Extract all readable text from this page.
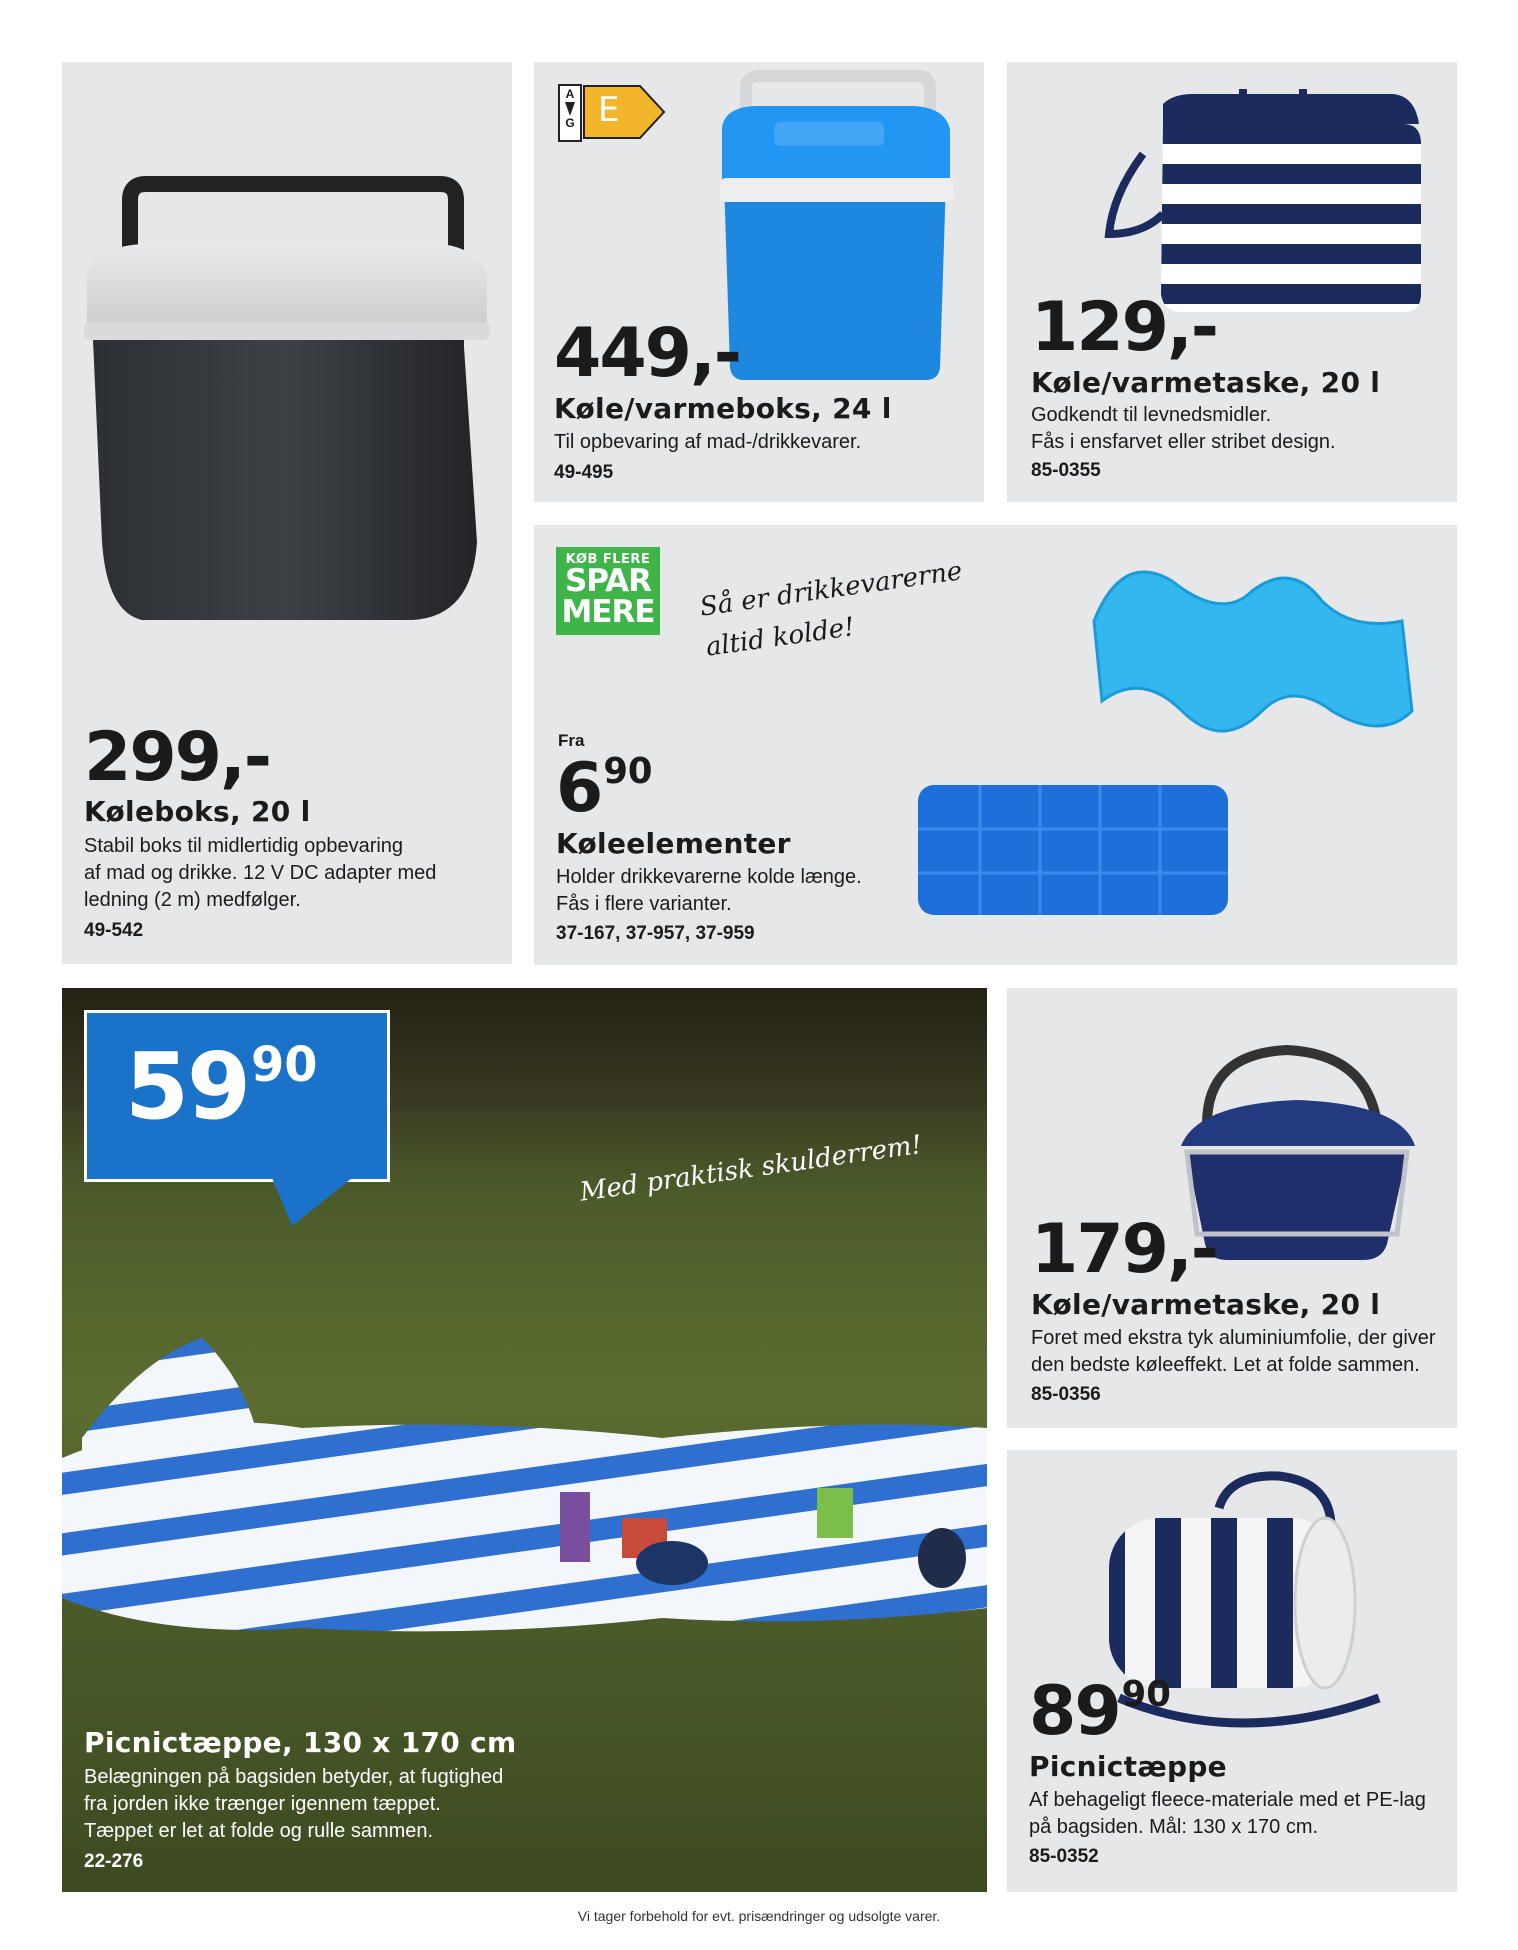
299,-
Køleboks, 20 l
Stabil boks til midlertidig opbevaring
af mad og drikke. 12 V DC adapter med
ledning (2 m) medfølger.
49-542
A
G E
449,-
Køle/varmeboks, 24 l
Til opbevaring af mad-/drikkevarer.
49-495
129,-
Køle/varmetaske, 20 l
Godkendt til levnedsmidler.
Fås i ensfarvet eller stribet design.
85-0355
KØB FLERE
SPAR
MERE Så er drikkevarerne
altid kolde!
Fra
$6^{90}$
Køleelementer
Holder drikkevarerne kolde længe.
Fås i flere varianter.
37-167, 37-957, 37-959
$59^{90}$
Med praktisk skulderrem!
Picnictæppe, 130 x 170 cm
Belægningen på bagsiden betyder, at fugtighed
fra jorden ikke trænger igennem tæppet.
Tæppet er let at folde og rulle sammen.
22-276
179,-
Køle/varmetaske, 20 l
Foret med ekstra tyk aluminiumfolie, der giver
den bedste køleeffekt. Let at folde sammen.
85-0356
$89^{90}$
Picnictæppe
Af behageligt fleece-materiale med et PE-lag
på bagsiden. Mål: 130 x 170 cm.
85-0352
Vi tager forbehold for evt. prisændringer og udsolgte varer.
